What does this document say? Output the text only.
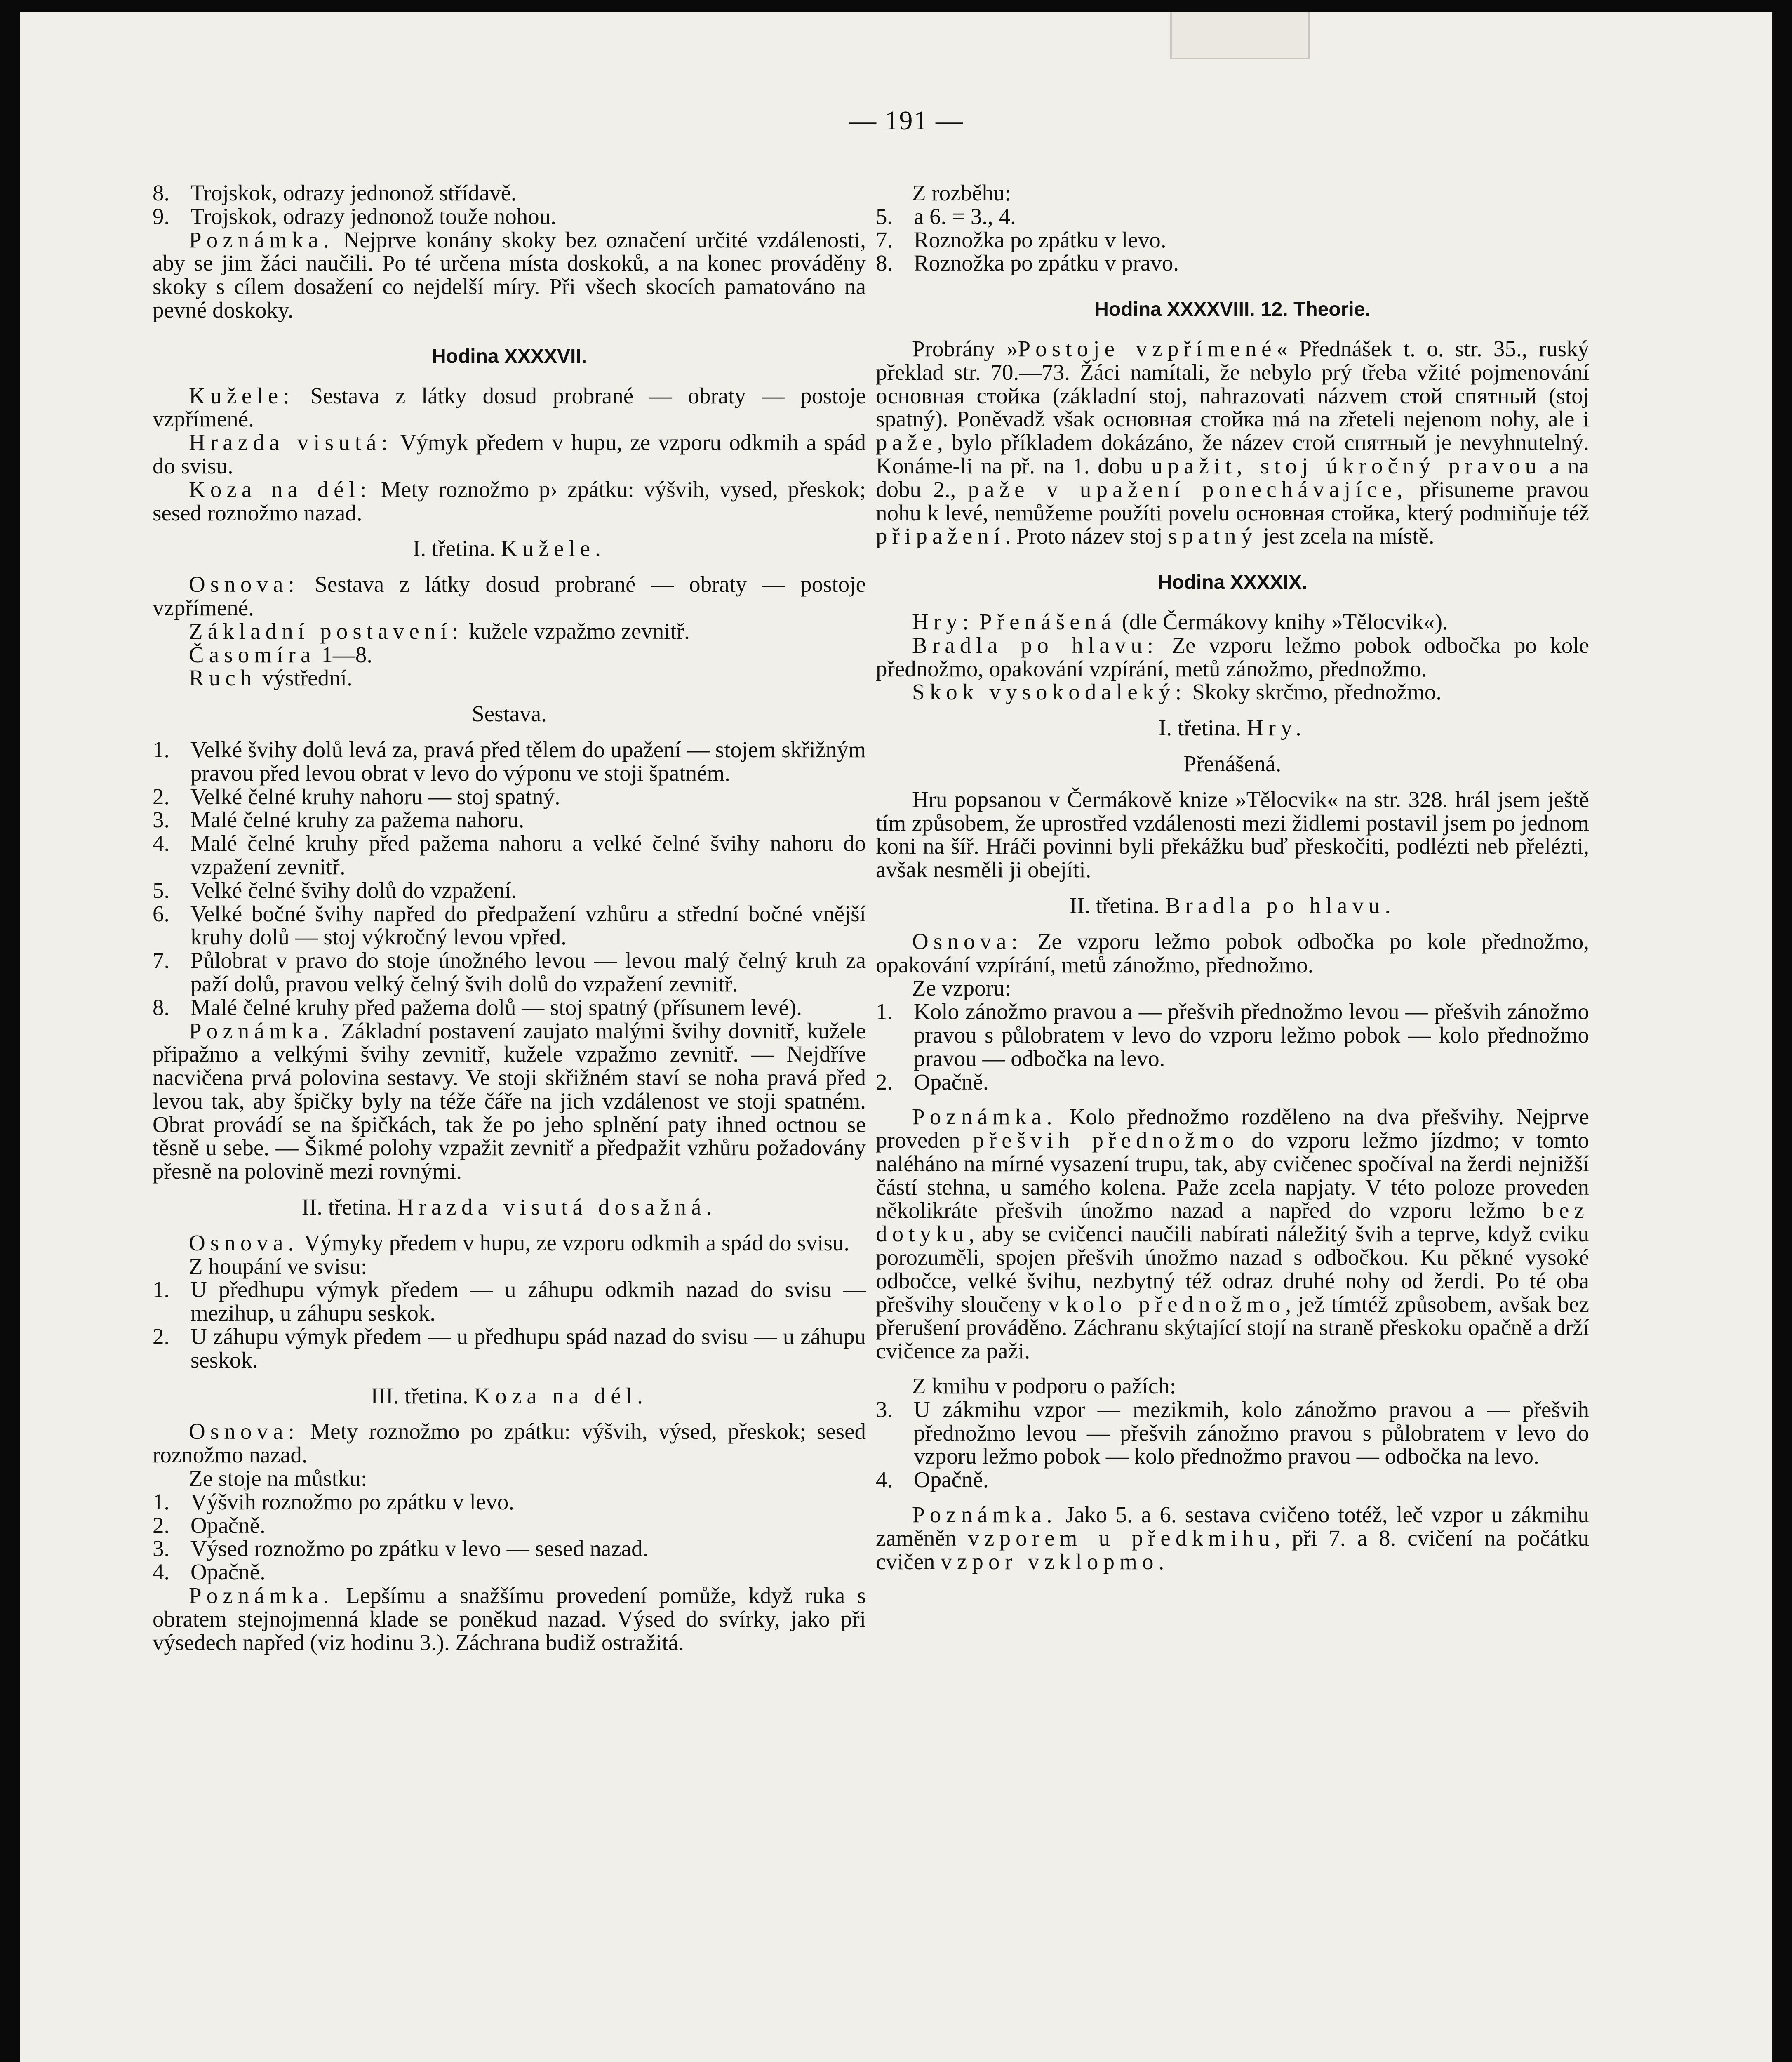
— 191 —
8. Trojskok, odrazy jednonož střídavě.
9. Trojskok, odrazy jednonož touže nohou.

Poznámka. Nejprve konány skoky bez označení určité vzdálenosti, aby se jim žáci naučili. Po té určena místa doskoků, a na konec prováděny skoky s cílem dosažení co nejdelší míry. Při všech skocích pamatováno na pevné doskoky.

Hodina XXXXVII.

Kužele: Sestava z látky dosud probrané — obraty — postoje vzpřímené.

Hrazda visutá: Výmyk předem v hupu, ze vzporu odkmih a spád do svisu.

Koza na dél: Mety roznožmo p› zpátku: výšvih, vysed, přeskok; sesed roznožmo nazad.

I. třetina. Kužele.

Osnova: Sestava z látky dosud probrané — obraty — postoje vzpřímené.

Základní postavení: kužele vzpažmo zevnitř.

Časomíra 1—8.

Ruch výstřední.

Sestava.
1. Velké švihy dolů levá za, pravá před tělem do upažení — stojem skřižným pravou před levou obrat v levo do výponu ve stoji špatném.
2. Velké čelné kruhy nahoru — stoj spatný.
3. Malé čelné kruhy za pažema nahoru.
4. Malé čelné kruhy před pažema nahoru a velké čelné švihy nahoru do vzpažení zevnitř.
5. Velké čelné švihy dolů do vzpažení.
6. Velké bočné švihy napřed do předpažení vzhůru a střední bočné vnější kruhy dolů — stoj výkročný levou vpřed.
7. Půlobrat v pravo do stoje únožného levou — levou malý čelný kruh za paží dolů, pravou velký čelný švih dolů do vzpažení zevnitř.
8. Malé čelné kruhy před pažema dolů — stoj spatný (přísunem levé).

Poznámka. Základní postavení zaujato malými švihy dovnitř, kužele připažmo a velkými švihy zevnitř, kužele vzpažmo zevnitř. — Nejdříve nacvičena prvá polovina sestavy. Ve stoji skřižném staví se noha pravá před levou tak, aby špičky byly na téže čáře na jich vzdálenost ve stoji spatném. Obrat provádí se na špičkách, tak že po jeho splnění paty ihned octnou se těsně u sebe. — Šikmé polohy vzpažit zevnitř a předpažit vzhůru požadovány přesně na polovině mezi rovnými.

II. třetina. Hrazda visutá dosažná.

Osnova. Výmyky předem v hupu, ze vzporu odkmih a spád do svisu.

Z houpání ve svisu:

1. U předhupu výmyk předem — u záhupu odkmih nazad do svisu — mezihup, u záhupu seskok.
2. U záhupu výmyk předem — u předhupu spád nazad do svisu — u záhupu seskok.
III. třetina. Koza na dél.

Osnova: Mety roznožmo po zpátku: výšvih, výsed, přeskok; sesed roznožmo nazad.

Ze stoje na můstku:

1. Výšvih roznožmo po zpátku v levo.
2. Opačně.
3. Výsed roznožmo po zpátku v levo — sesed nazad.
4. Opačně.

Poznámka. Lepšímu a snažšímu provedení pomůže, když ruka s obratem stejnojmenná klade se poněkud nazad. Výsed do svírky, jako při výsedech napřed (viz hodinu 3.). Záchrana budiž ostražitá.

Z rozběhu:

5. a 6. = 3., 4.
7. Roznožka po zpátku v levo.
8. Roznožka po zpátku v pravo.
Hodina XXXXVIII. 12. Theorie.

Probrány »Postoje vzpřímené« Přednášek t. o. str. 35., ruský překlad str. 70.—73. Žáci namítali, že nebylo prý třeba vžité pojmenování основная стойка (základní stoj, nahrazovati názvem стой спятный (stoj spatný). Poněvadž však основная стойка má na zřeteli nejenom nohy, ale i paže, bylo příkladem dokázáno, že název стой спятный je nevyhnutelný. Konáme-li na př. na 1. dobu upažit, stoj úkročný pravou a na dobu 2., paže v upažení ponechávajíce, přisuneme pravou nohu k levé, nemůžeme použíti povelu основная стойка, který podmiňuje též připažení. Proto název stoj spatný jest zcela na místě.

Hodina XXXXIX.

Hry: Přenášená (dle Čermákovy knihy »Tělocvik«).

Bradla po hlavu: Ze vzporu ležmo pobok odbočka po kole přednožmo, opakování vzpírání, metů zánožmo, přednožmo.

Skok vysokodaleký: Skoky skrčmo, přednožmo.

I. třetina. Hry.
Přenášená.

Hru popsanou v Čermákově knize »Tělocvik« na str. 328. hrál jsem ještě tím způsobem, že uprostřed vzdálenosti mezi židlemi postavil jsem po jednom koni na šíř. Hráči povinni byli překážku buď přeskočiti, podlézti neb přelézti, avšak nesměli ji obejíti.

II. třetina. Bradla po hlavu.

Osnova: Ze vzporu ležmo pobok odbočka po kole přednožmo, opakování vzpírání, metů zánožmo, přednožmo.

Ze vzporu:

1. Kolo zánožmo pravou a — přešvih přednožmo levou — přešvih zánožmo pravou s půlobratem v levo do vzporu ležmo pobok — kolo přednožmo pravou — odbočka na levo.
2. Opačně.

Poznámka. Kolo přednožmo rozděleno na dva přešvihy. Nejprve proveden přešvih přednožmo do vzporu ležmo jízdmo; v tomto naléháno na mírné vysazení trupu, tak, aby cvičenec spočíval na žerdi nejnižší částí stehna, u samého kolena. Paže zcela napjaty. V této poloze proveden několikráte přešvih únožmo nazad a napřed do vzporu ležmo bez dotyku, aby se cvičenci naučili nabírati náležitý švih a teprve, když cviku porozuměli, spojen přešvih únožmo nazad s odbočkou. Ku pěkné vysoké odbočce, velké švihu, nezbytný též odraz druhé nohy od žerdi. Po té oba přešvihy sloučeny v kolo přednožmo, jež tímtéž způsobem, avšak bez přerušení prováděno. Záchranu skýtající stojí na straně přeskoku opačně a drží cvičence za paži.

Z kmihu v podporu o pažích:

3. U zákmihu vzpor — mezikmih, kolo zánožmo pravou a — přešvih přednožmo levou — přešvih zánožmo pravou s půlobratem v levo do vzporu ležmo pobok — kolo přednožmo pravou — odbočka na levo.
4. Opačně.

Poznámka. Jako 5. a 6. sestava cvičeno totéž, leč vzpor u zákmihu zaměněn vzporem u předkmihu, při 7. a 8. cvičení na počátku cvičen vzpor vzklopmo.
